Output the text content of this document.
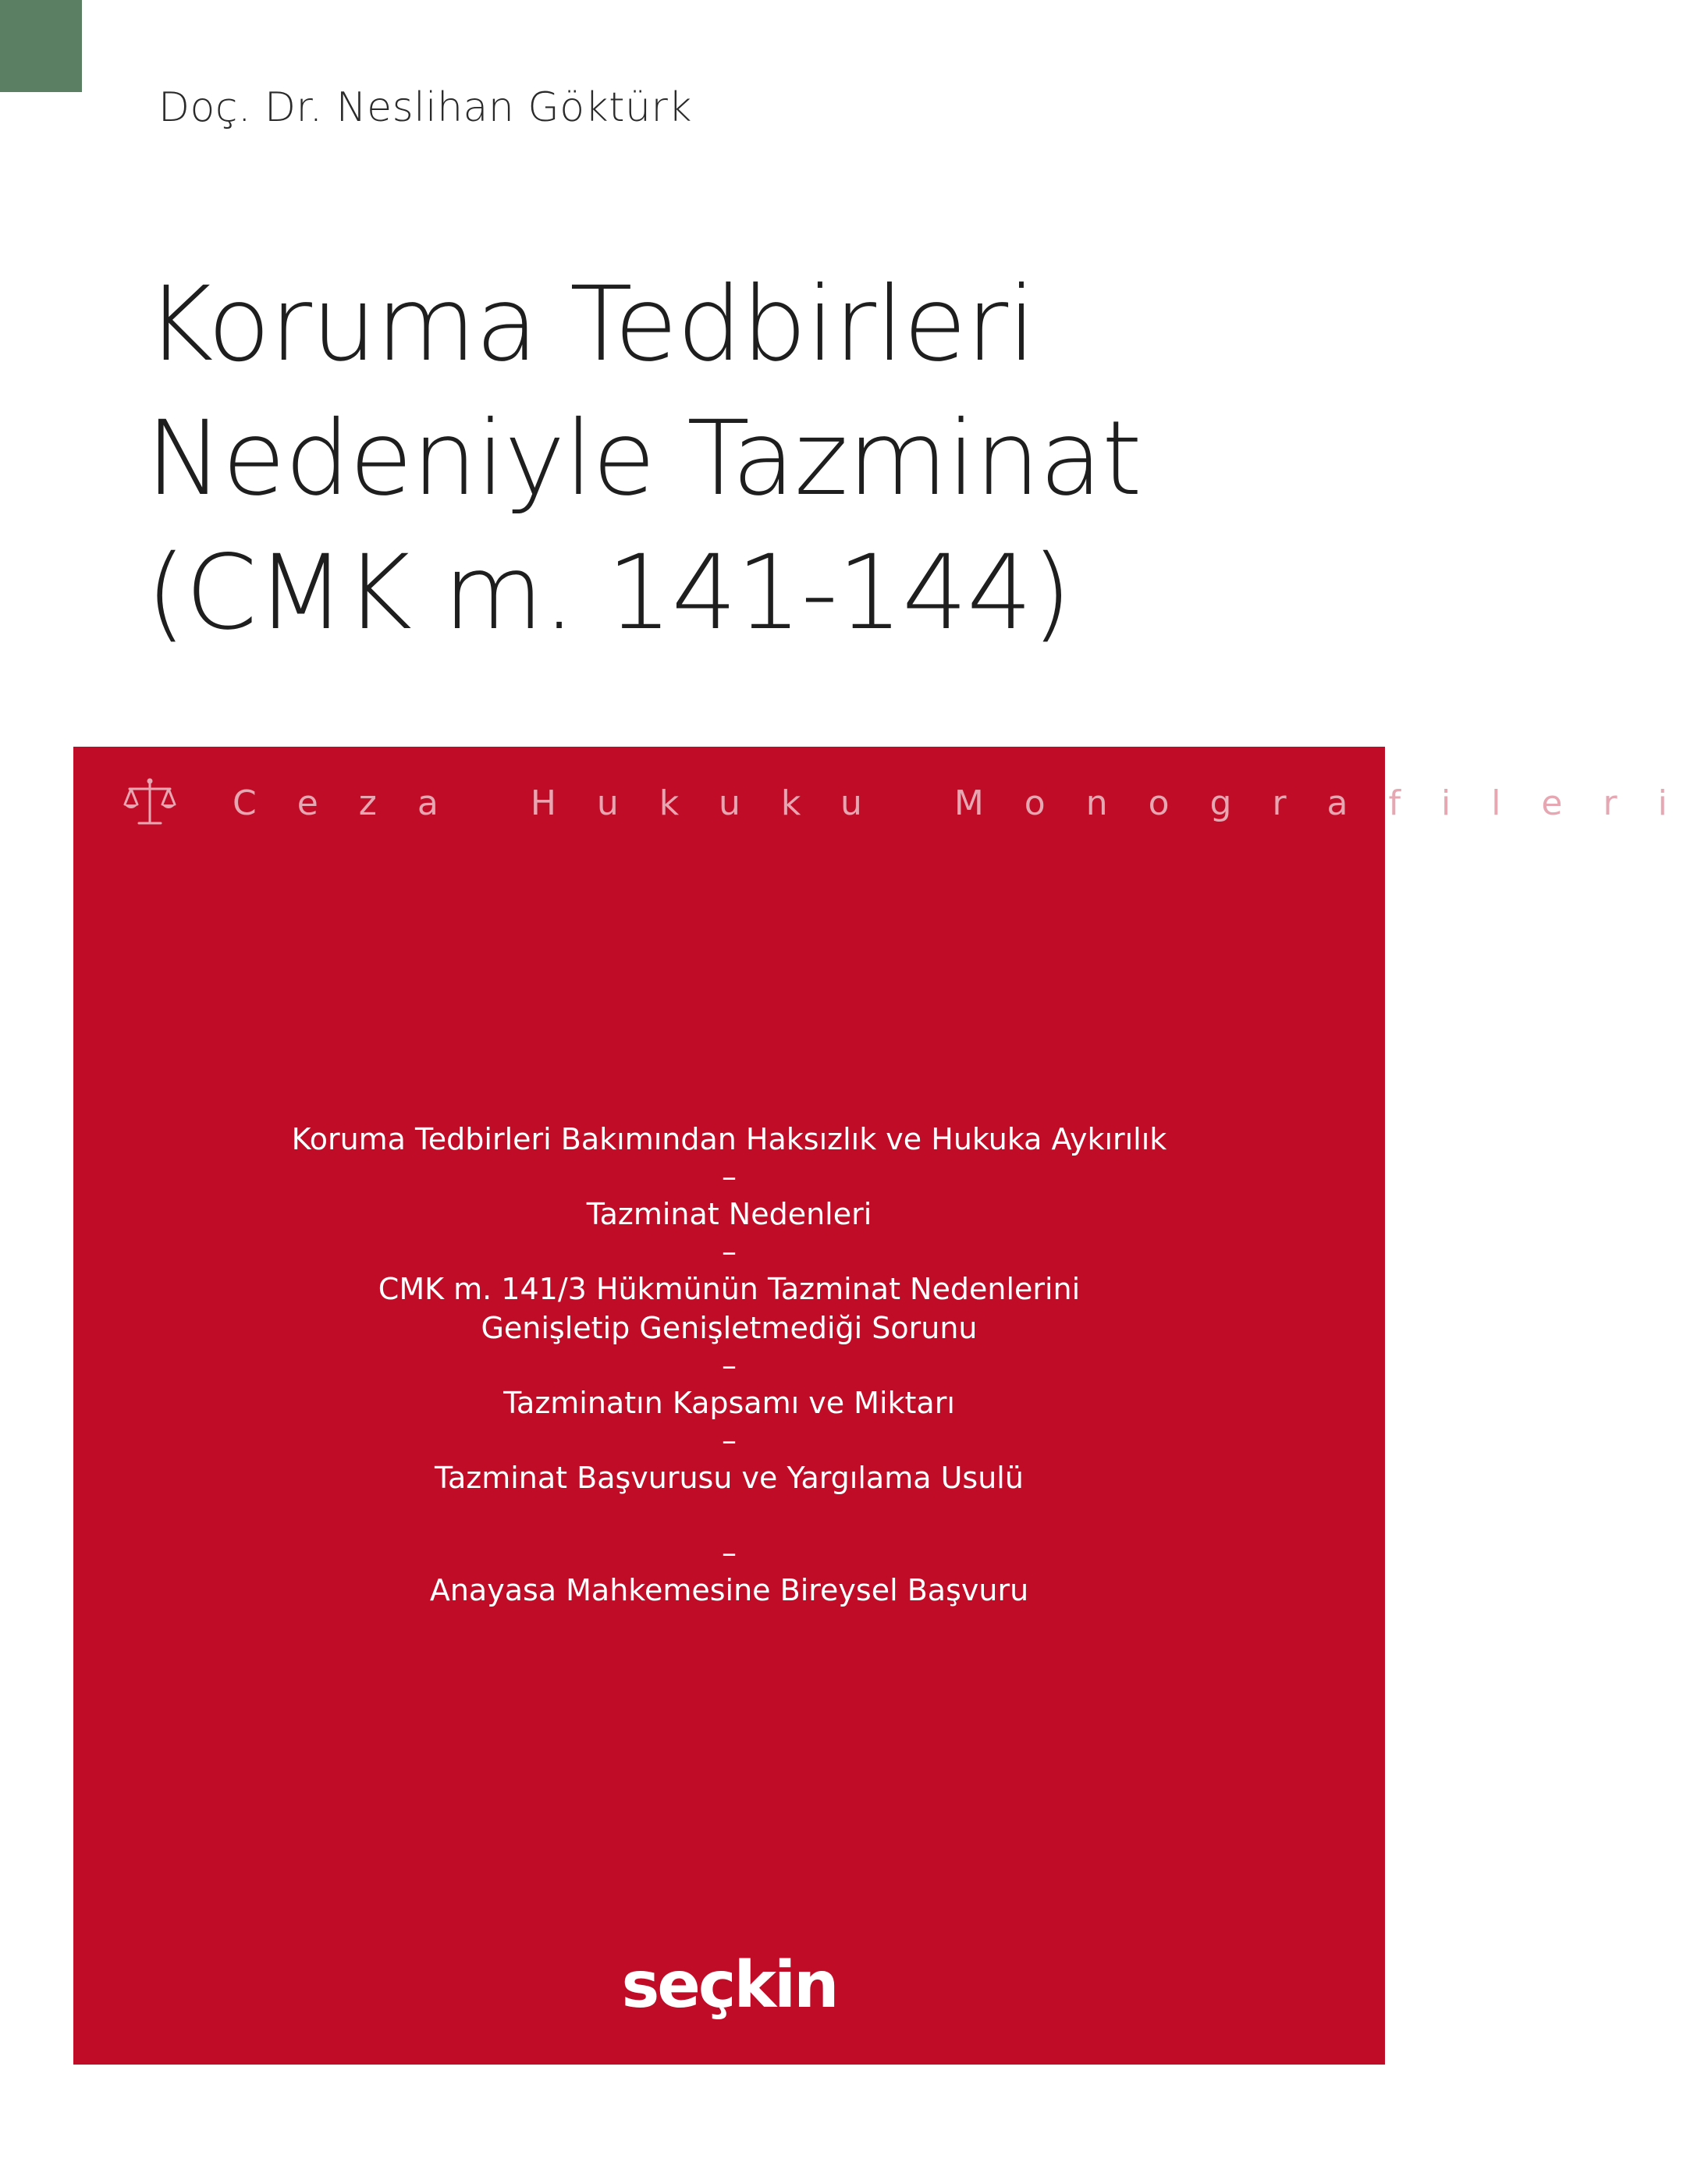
Doç. Dr. Neslihan Göktürk
Koruma Tedbirleri
Nedeniyle Tazminat
(CMK m. 141-144)
Ceza Hukuku Monografileri
Koruma Tedbirleri Bakımından Haksızlık ve Hukuka Aykırılık
–
Tazminat Nedenleri
–
CMK m. 141/3 Hükmünün Tazminat Nedenlerini
Genişletip Genişletmediği Sorunu
–
Tazminatın Kapsamı ve Miktarı
–
Tazminat Başvurusu ve Yargılama Usulü
–
Anayasa Mahkemesine Bireysel Başvuru
seçkin
